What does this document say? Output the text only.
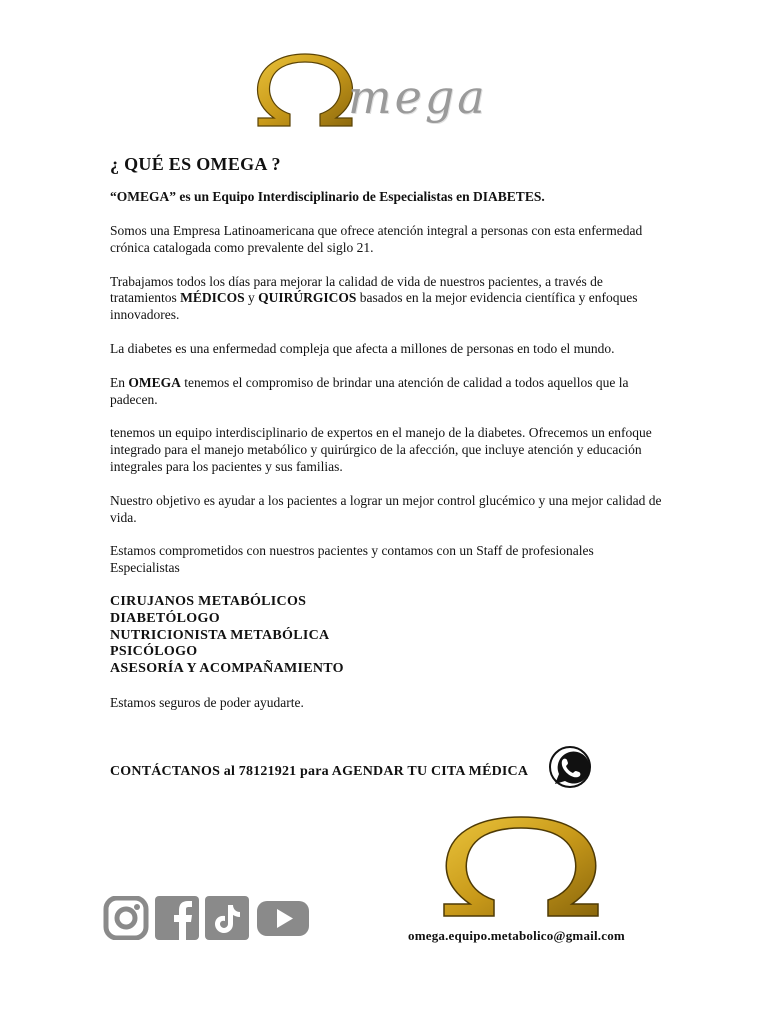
mega
¿ QUÉ ES OMEGA ?
“OMEGA” es un Equipo Interdisciplinario de Especialistas en DIABETES.
Somos una Empresa Latinoamericana que ofrece atención integral a personas con esta enfermedad crónica catalogada como prevalente del siglo 21.
Trabajamos todos los días para mejorar la calidad de vida de nuestros pacientes, a través de tratamientos MÉDICOS y QUIRÚRGICOS basados en la mejor evidencia científica y enfoques innovadores.
La diabetes es una enfermedad compleja que afecta a millones de personas en todo el mundo.
En OMEGA tenemos el compromiso de brindar una atención de calidad a todos aquellos que la padecen.
tenemos un equipo interdisciplinario de expertos en el manejo de la diabetes. Ofrecemos un enfoque integrado para el manejo metabólico y quirúrgico de la afección, que incluye atención y educación integrales para los pacientes y sus familias.
Nuestro objetivo es ayudar a los pacientes a lograr un mejor control glucémico y una mejor calidad de vida.
Estamos comprometidos con nuestros pacientes y contamos con un Staff de profesionales Especialistas
CIRUJANOS METABÓLICOS
DIABETÓLOGO
NUTRICIONISTA METABÓLICA
PSICÓLOGO
ASESORÍA Y ACOMPAÑAMIENTO
Estamos seguros de poder ayudarte.
CONTÁCTANOS al 78121921 para AGENDAR TU CITA MÉDICA
omega.equipo.metabolico@gmail.com
